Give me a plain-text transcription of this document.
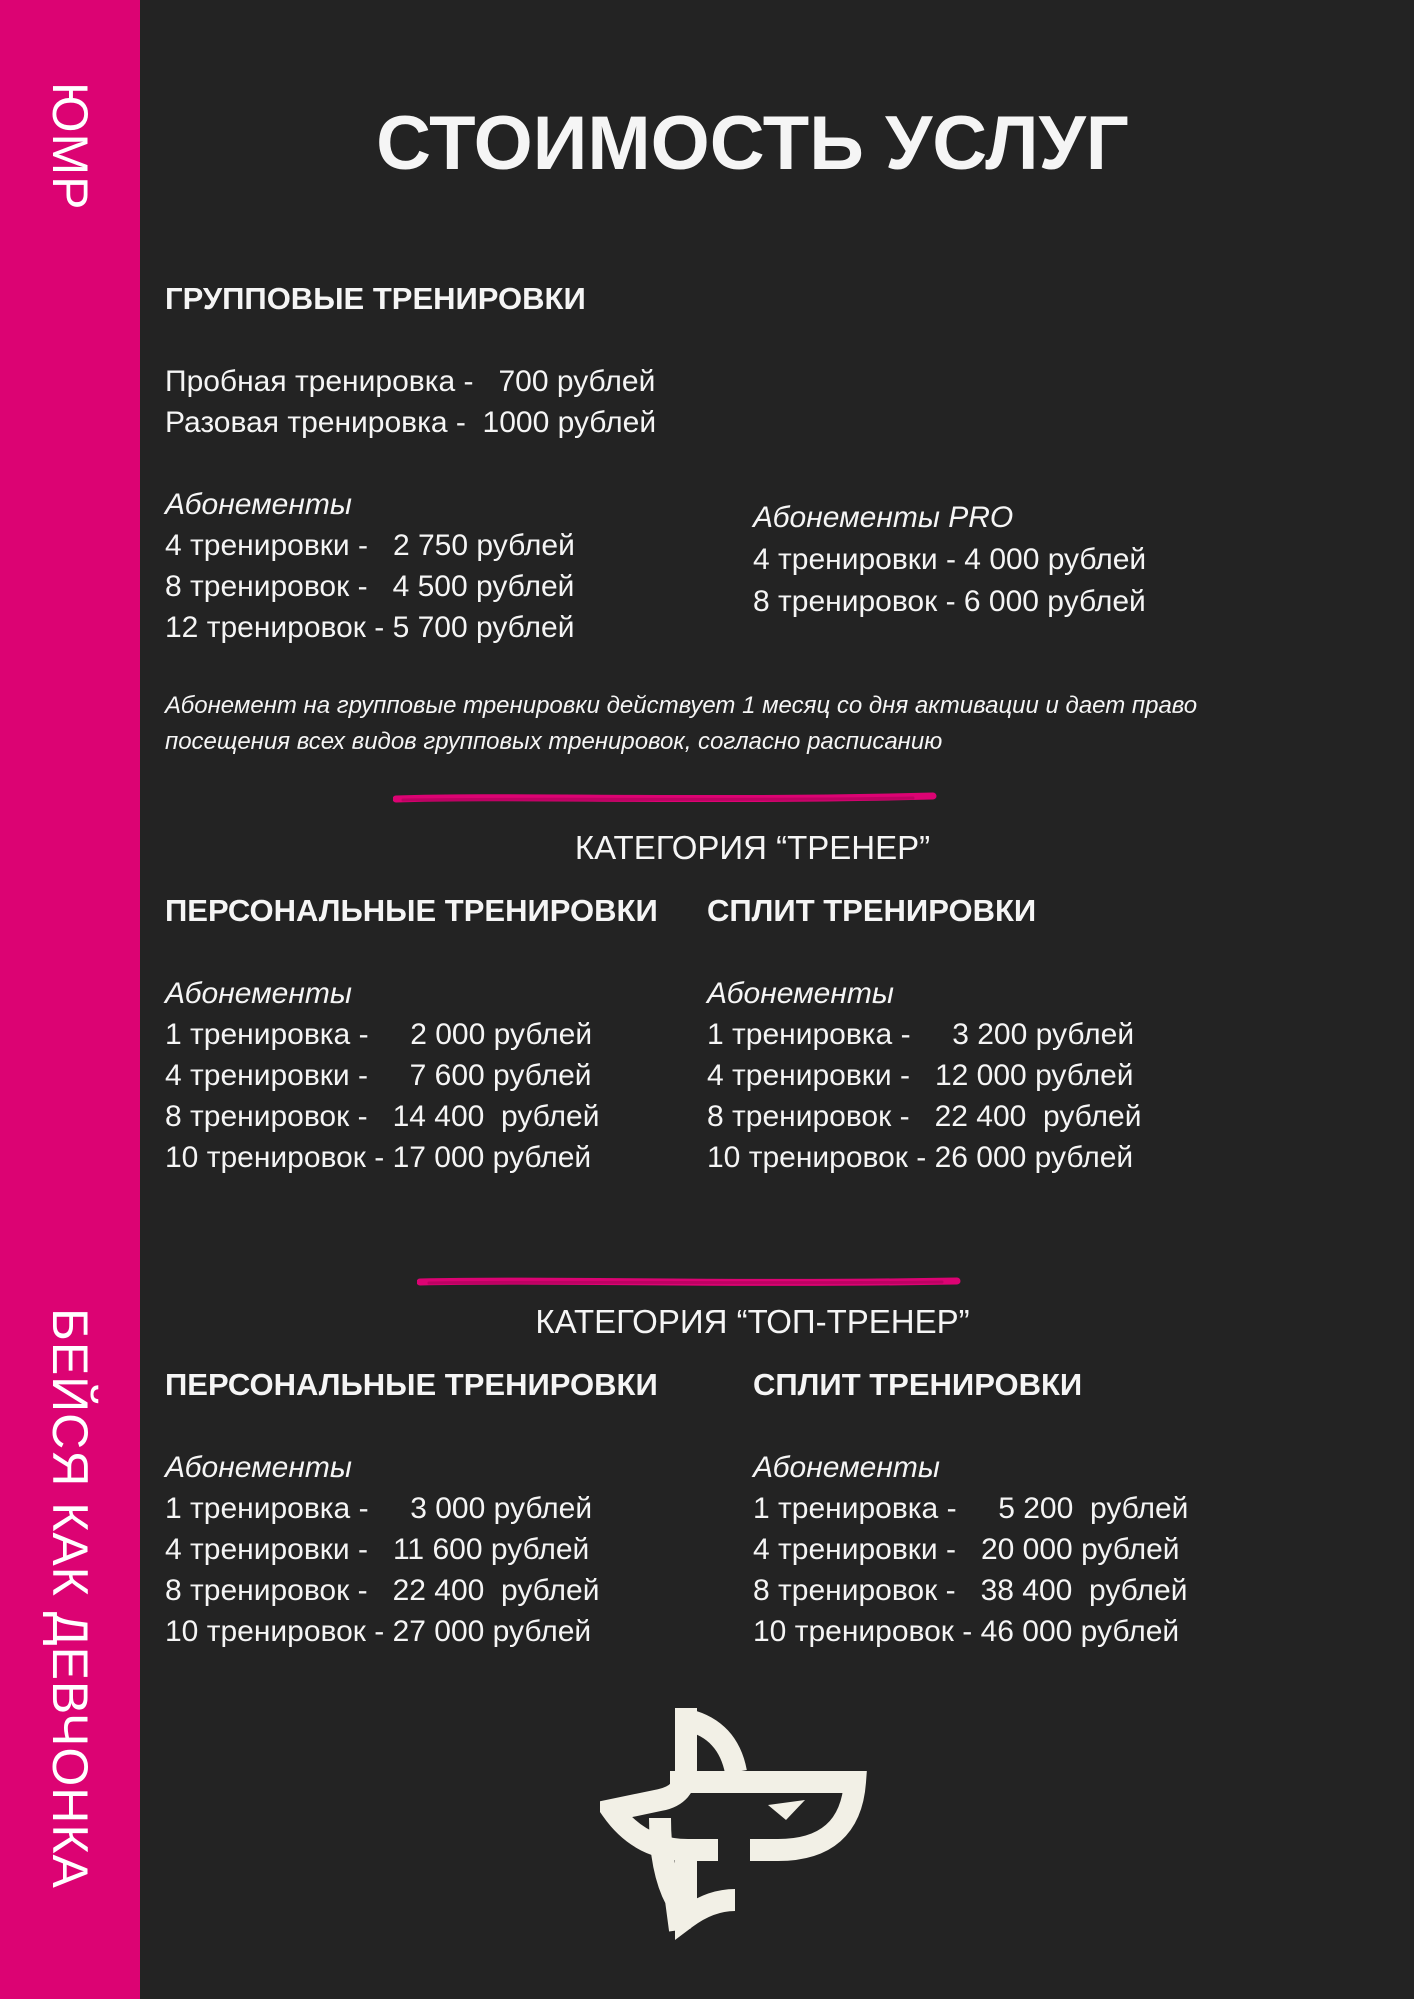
ЮМР
БЕЙСЯ КАК ДЕВЧОНКА
СТОИМОСТЬ УСЛУГ
ГРУППОВЫЕ ТРЕНИРОВКИ
Пробная тренировка -   700 рублей
Разовая тренировка -  1000 рублей
Абонементы
4 тренировки -   2 750 рублей
8 тренировок -   4 500 рублей
12 тренировок - 5 700 рублей
Абонементы PRO
4 тренировки - 4 000 рублей
8 тренировок - 6 000 рублей
Абонемент на групповые тренировки действует 1 месяц со дня активации и дает право посещения всех видов групповых тренировок, согласно расписанию
КАТЕГОРИЯ “ТРЕНЕР”
ПЕРСОНАЛЬНЫЕ ТРЕНИРОВКИ СПЛИТ ТРЕНИРОВКИ
Абонементы
1 тренировка -     2 000 рублей
4 тренировки -     7 600 рублей
8 тренировок -   14 400  рублей
10 тренировок - 17 000 рублей
Абонементы
1 тренировка -     3 200 рублей
4 тренировки -   12 000 рублей
8 тренировок -   22 400  рублей
10 тренировок - 26 000 рублей
КАТЕГОРИЯ “ТОП-ТРЕНЕР”
ПЕРСОНАЛЬНЫЕ ТРЕНИРОВКИ	СПЛИТ ТРЕНИРОВКИ
Абонементы
1 тренировка -     3 000 рублей
4 тренировки -   11 600 рублей
8 тренировок -   22 400  рублей
10 тренировок - 27 000 рублей
Абонементы
1 тренировка -     5 200  рублей
4 тренировки -   20 000 рублей
8 тренировок -   38 400  рублей
10 тренировок - 46 000 рублей
